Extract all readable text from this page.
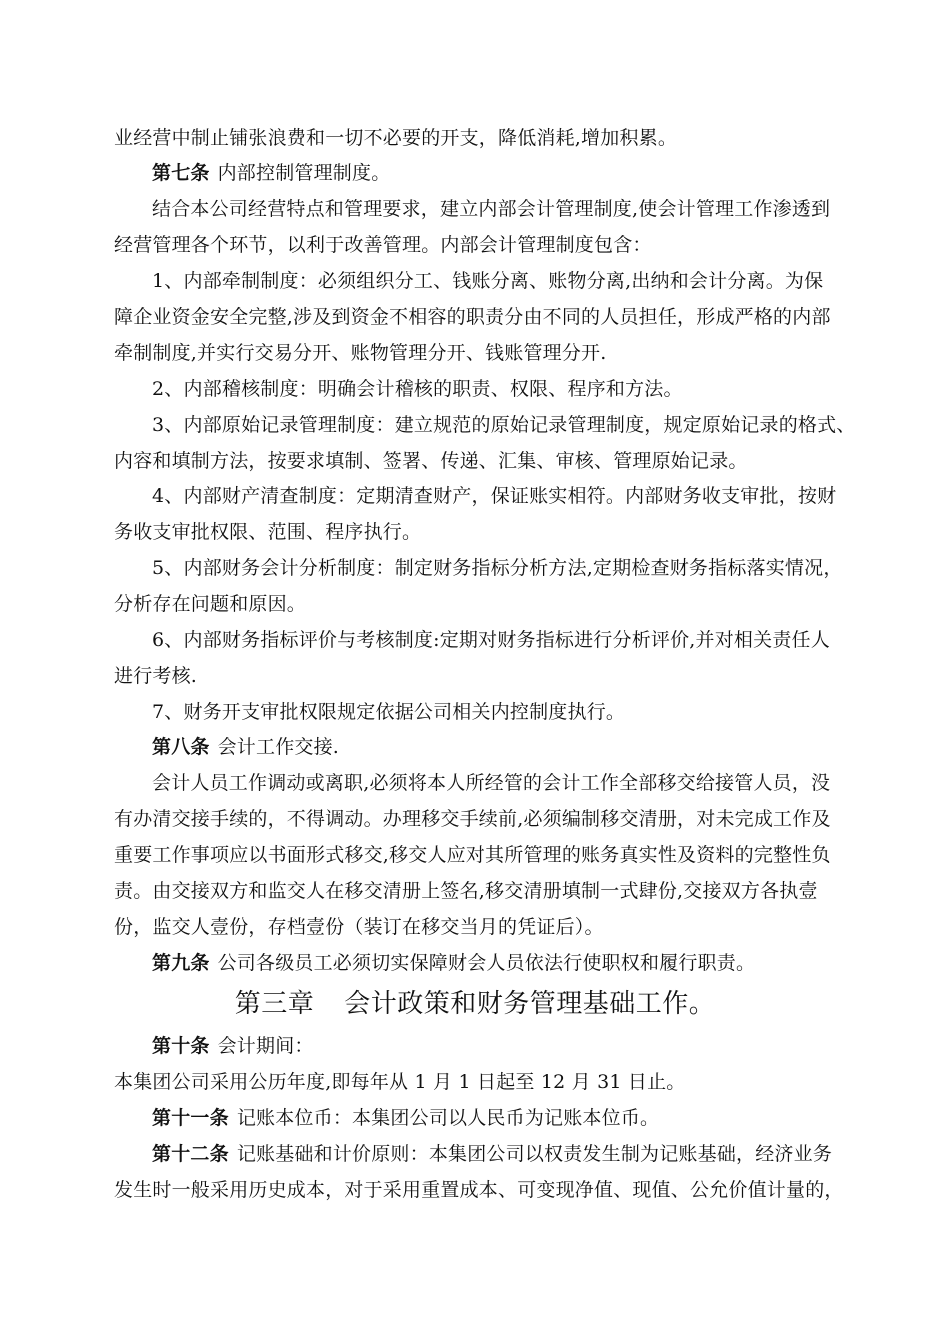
业经营中制止铺张浪费和一切不必要的开支，降低消耗,增加积累。
第七条 内部控制管理制度。
结合本公司经营特点和管理要求，建立内部会计管理制度,使会计管理工作渗透到
经营管理各个环节，以利于改善管理。内部会计管理制度包含：
1、内部牵制制度：必须组织分工、钱账分离、账物分离,出纳和会计分离。为保
障企业资金安全完整,涉及到资金不相容的职责分由不同的人员担任，形成严格的内部
牵制制度,并实行交易分开、账物管理分开、钱账管理分开.
2、内部稽核制度：明确会计稽核的职责、权限、程序和方法。
3、内部原始记录管理制度：建立规范的原始记录管理制度，规定原始记录的格式、
内容和填制方法，按要求填制、签署、传递、汇集、审核、管理原始记录。
4、内部财产清查制度：定期清查财产，保证账实相符。内部财务收支审批，按财
务收支审批权限、范围、程序执行。
5、内部财务会计分析制度：制定财务指标分析方法,定期检查财务指标落实情况，
分析存在问题和原因。
6、内部财务指标评价与考核制度:定期对财务指标进行分析评价,并对相关责任人
进行考核.
7、财务开支审批权限规定依据公司相关内控制度执行。
第八条 会计工作交接.
会计人员工作调动或离职,必须将本人所经管的会计工作全部移交给接管人员，没
有办清交接手续的，不得调动。办理移交手续前,必须编制移交清册，对未完成工作及
重要工作事项应以书面形式移交,移交人应对其所管理的账务真实性及资料的完整性负
责。由交接双方和监交人在移交清册上签名,移交清册填制一式肆份,交接双方各执壹
份，监交人壹份，存档壹份（装订在移交当月的凭证后）。
第九条 公司各级员工必须切实保障财会人员依法行使职权和履行职责。
第三章 会计政策和财务管理基础工作。
第十条 会计期间：
本集团公司采用公历年度,即每年从 1 月 1 日起至 12 月 31 日止。
第十一条 记账本位币：本集团公司以人民币为记账本位币。
第十二条 记账基础和计价原则：本集团公司以权责发生制为记账基础，经济业务
发生时一般采用历史成本，对于采用重置成本、可变现净值、现值、公允价值计量的，
